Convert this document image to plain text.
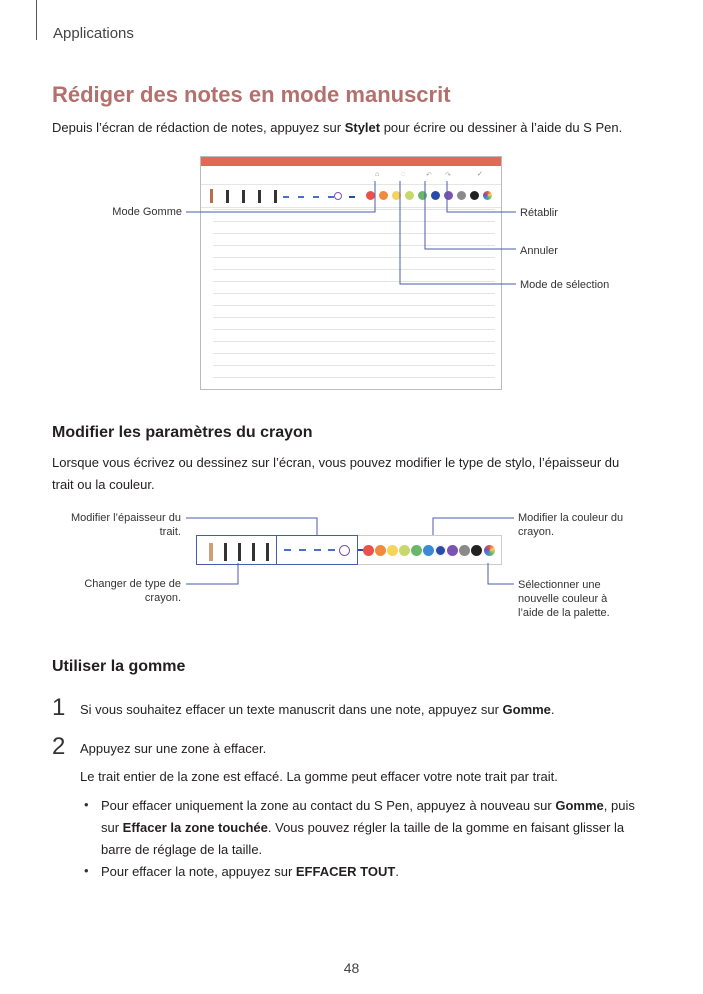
Applications
Rédiger des notes en mode manuscrit

Depuis l’écran de rédaction de notes, appuyez sur Stylet pour écrire ou dessiner à l’aide du S Pen.

⌂	◌	↶ ↷	✓
Mode Gomme	Rétablir
Annuler
Mode de sélection
Modifier les paramètres du crayon

Lorsque vous écrivez ou dessinez sur l’écran, vous pouvez modifier le type de stylo, l’épaisseur du trait ou la couleur.

Modifier l’épaisseur du trait.
Modifier la couleur du crayon.
Changer de type de crayon.
Sélectionner une nouvelle couleur à l’aide de la palette.
Utiliser la gomme
1 Si vous souhaitez effacer un texte manuscrit dans une note, appuyez sur Gomme.

2 Appuyez sur une zone à effacer.

Le trait entier de la zone est effacé. La gomme peut effacer votre note trait par trait.

• Pour effacer uniquement la zone au contact du S Pen, appuyez à nouveau sur Gomme, puis sur Effacer la zone touchée. Vous pouvez régler la taille de la gomme en faisant glisser la barre de réglage de la taille.

• Pour effacer la note, appuyez sur EFFACER TOUT.

48
